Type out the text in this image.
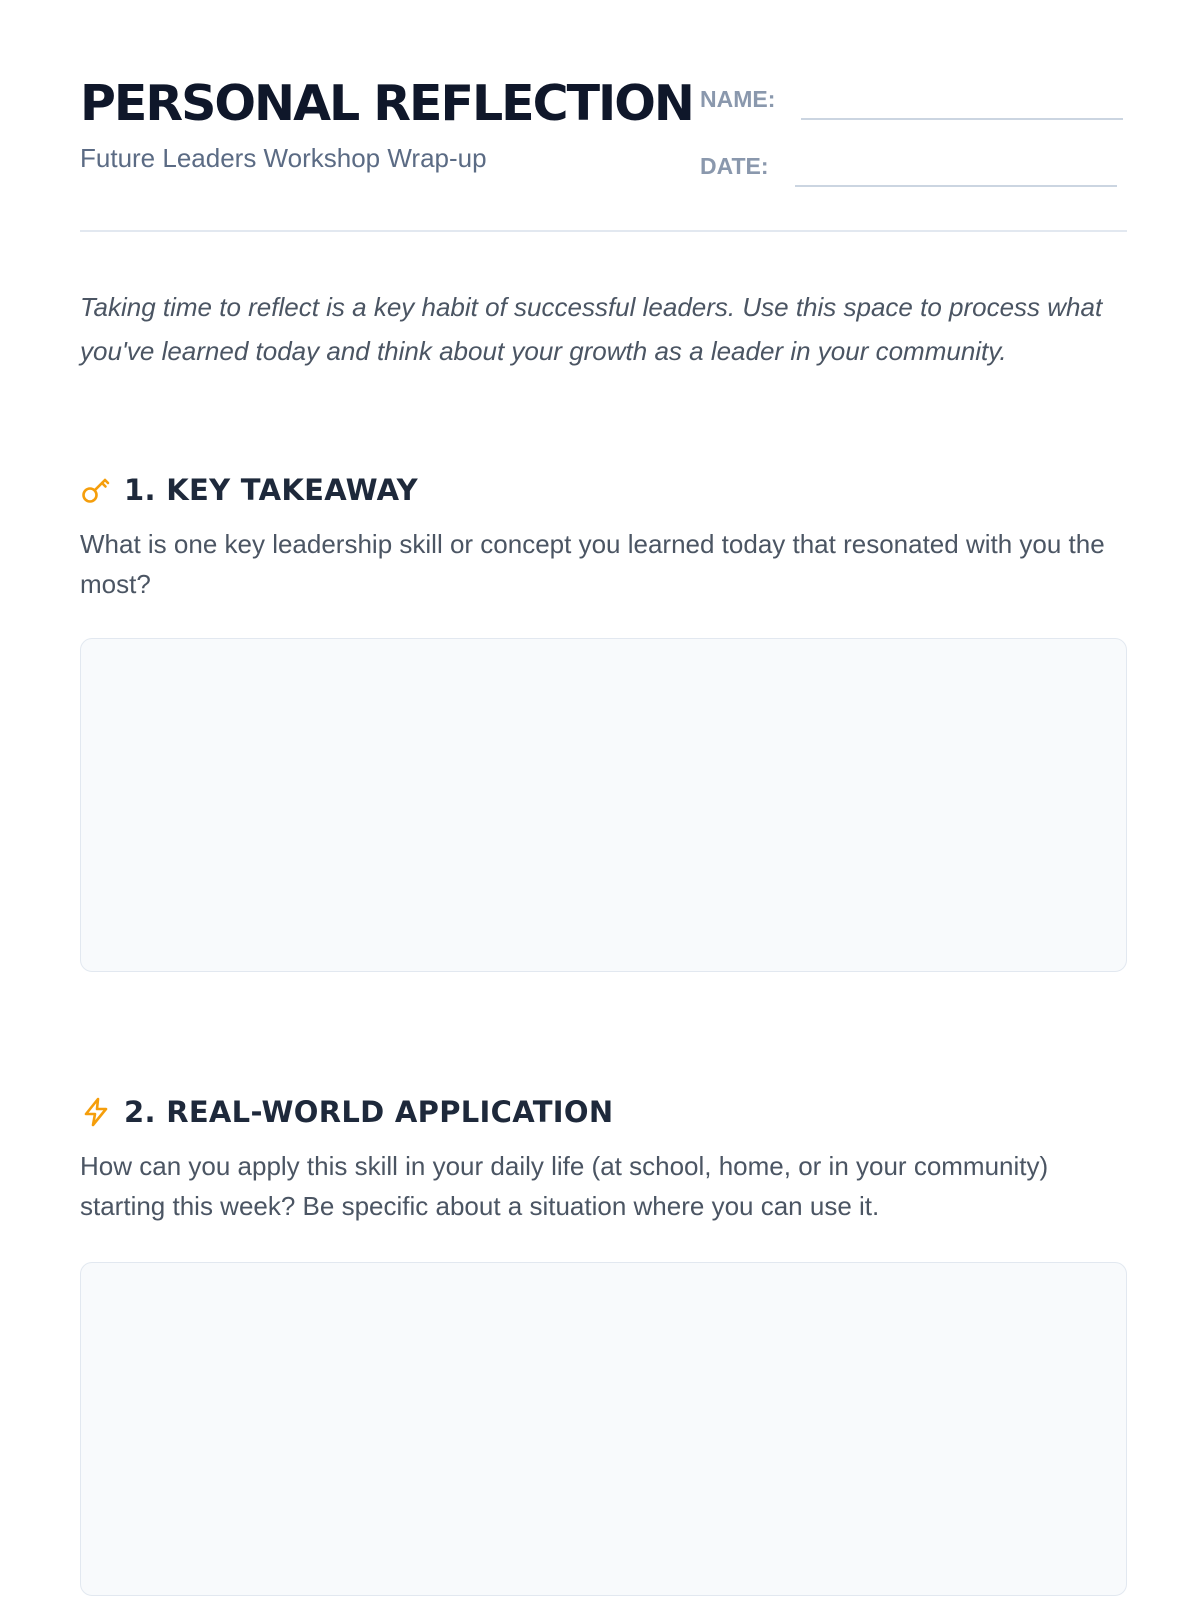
PERSONAL REFLECTION
Future Leaders Workshop Wrap-up
NAME:
DATE:

Taking time to reflect is a key habit of successful leaders. Use this space to process what you've learned today and think about your growth as a leader in your community.

1. KEY TAKEAWAY

What is one key leadership skill or concept you learned today that resonated with you the most?

2. REAL-WORLD APPLICATION

How can you apply this skill in your daily life (at school, home, or in your community) starting this week? Be specific about a situation where you can use it.
